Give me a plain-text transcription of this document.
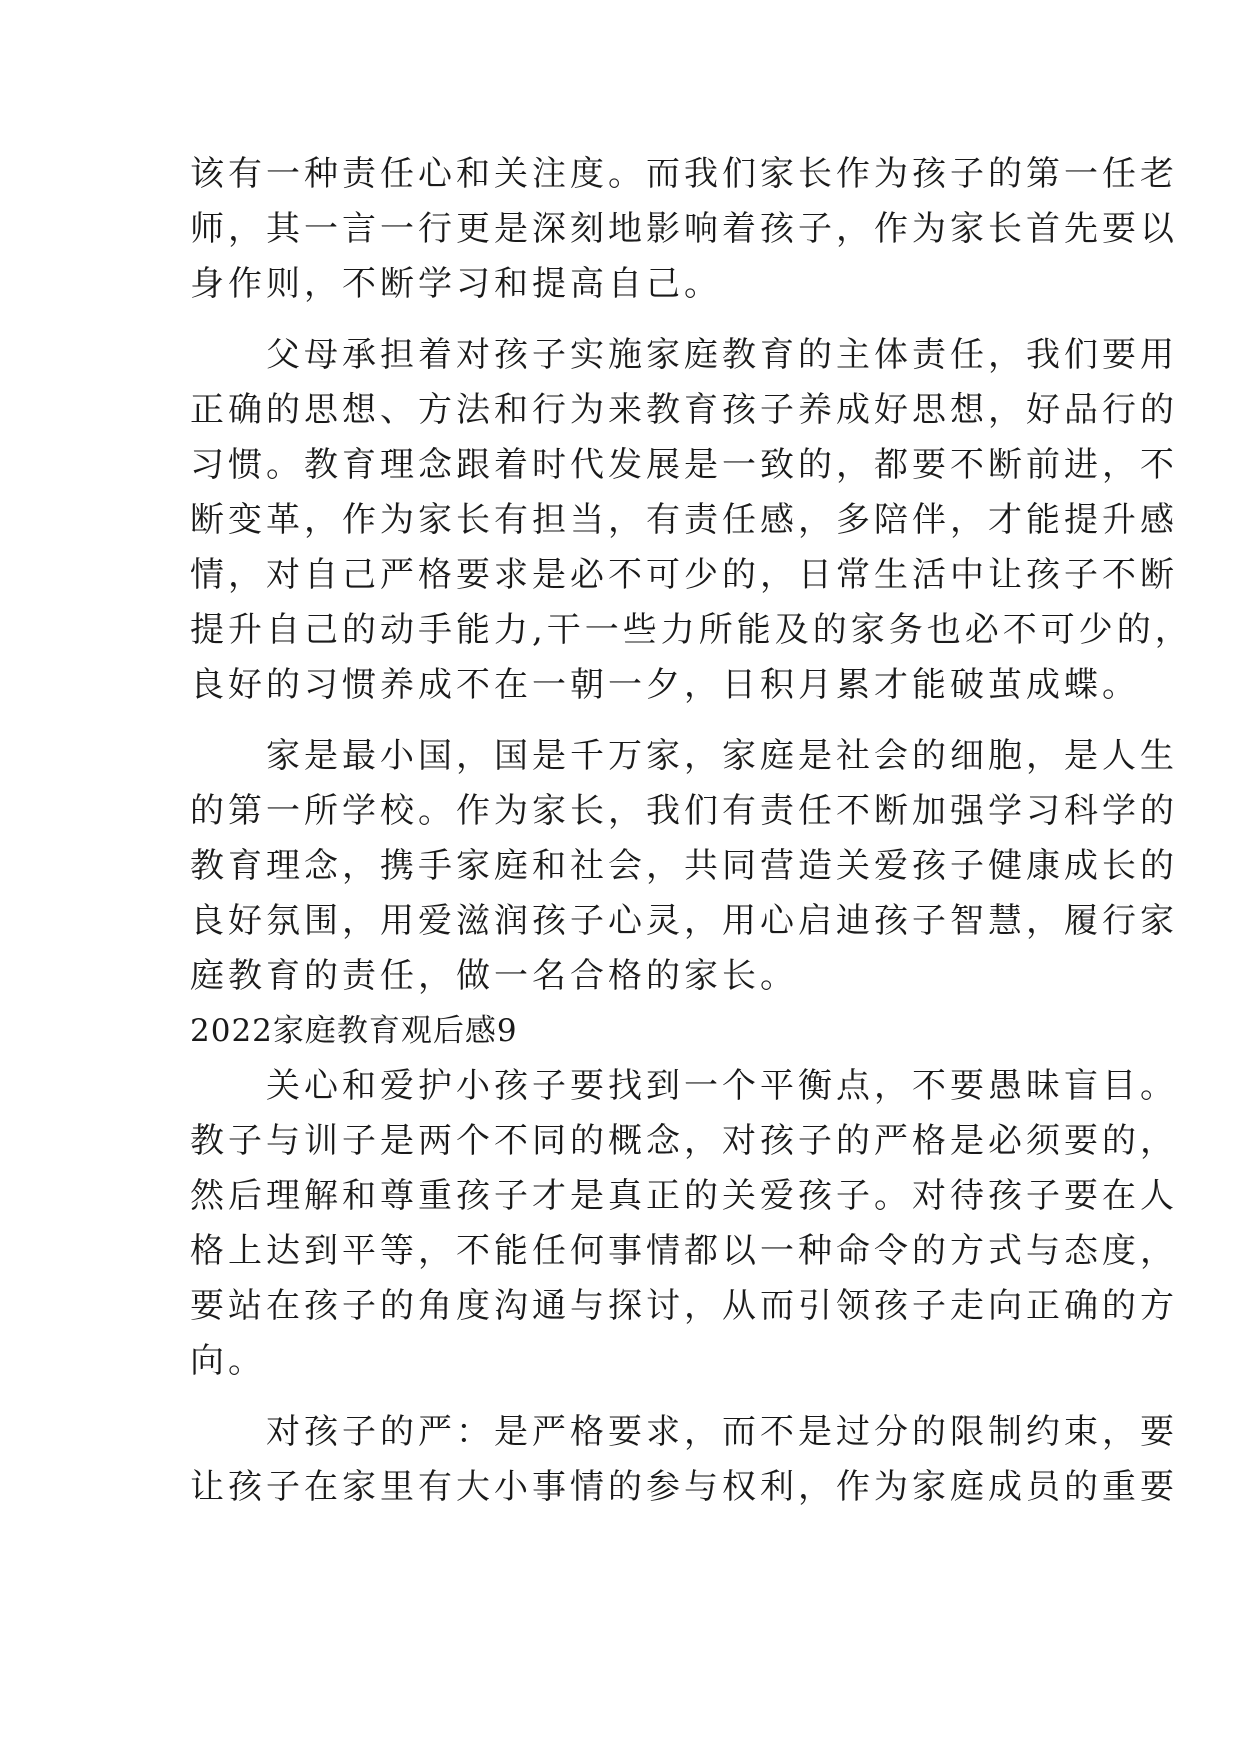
该有一种责任心和关注度。而我们家长作为孩子的第一任老
师，其一言一行更是深刻地影响着孩子，作为家长首先要以
身作则，不断学习和提高自己。
　　父母承担着对孩子实施家庭教育的主体责任，我们要用
正确的思想、方法和行为来教育孩子养成好思想，好品行的
习惯。教育理念跟着时代发展是一致的，都要不断前进，不
断变革，作为家长有担当，有责任感，多陪伴，才能提升感
情，对自己严格要求是必不可少的，日常生活中让孩子不断
提升自己的动手能力,干一些力所能及的家务也必不可少的，
良好的习惯养成不在一朝一夕，日积月累才能破茧成蝶。
　　家是最小国，国是千万家，家庭是社会的细胞，是人生
的第一所学校。作为家长，我们有责任不断加强学习科学的
教育理念，携手家庭和社会，共同营造关爱孩子健康成长的
良好氛围，用爱滋润孩子心灵，用心启迪孩子智慧，履行家
庭教育的责任，做一名合格的家长。
2022家庭教育观后感9
　　关心和爱护小孩子要找到一个平衡点，不要愚昧盲目。
教子与训子是两个不同的概念，对孩子的严格是必须要的，
然后理解和尊重孩子才是真正的关爱孩子。对待孩子要在人
格上达到平等，不能任何事情都以一种命令的方式与态度，
要站在孩子的角度沟通与探讨，从而引领孩子走向正确的方
向。
　　对孩子的严：是严格要求，而不是过分的限制约束，要
让孩子在家里有大小事情的参与权利，作为家庭成员的重要
